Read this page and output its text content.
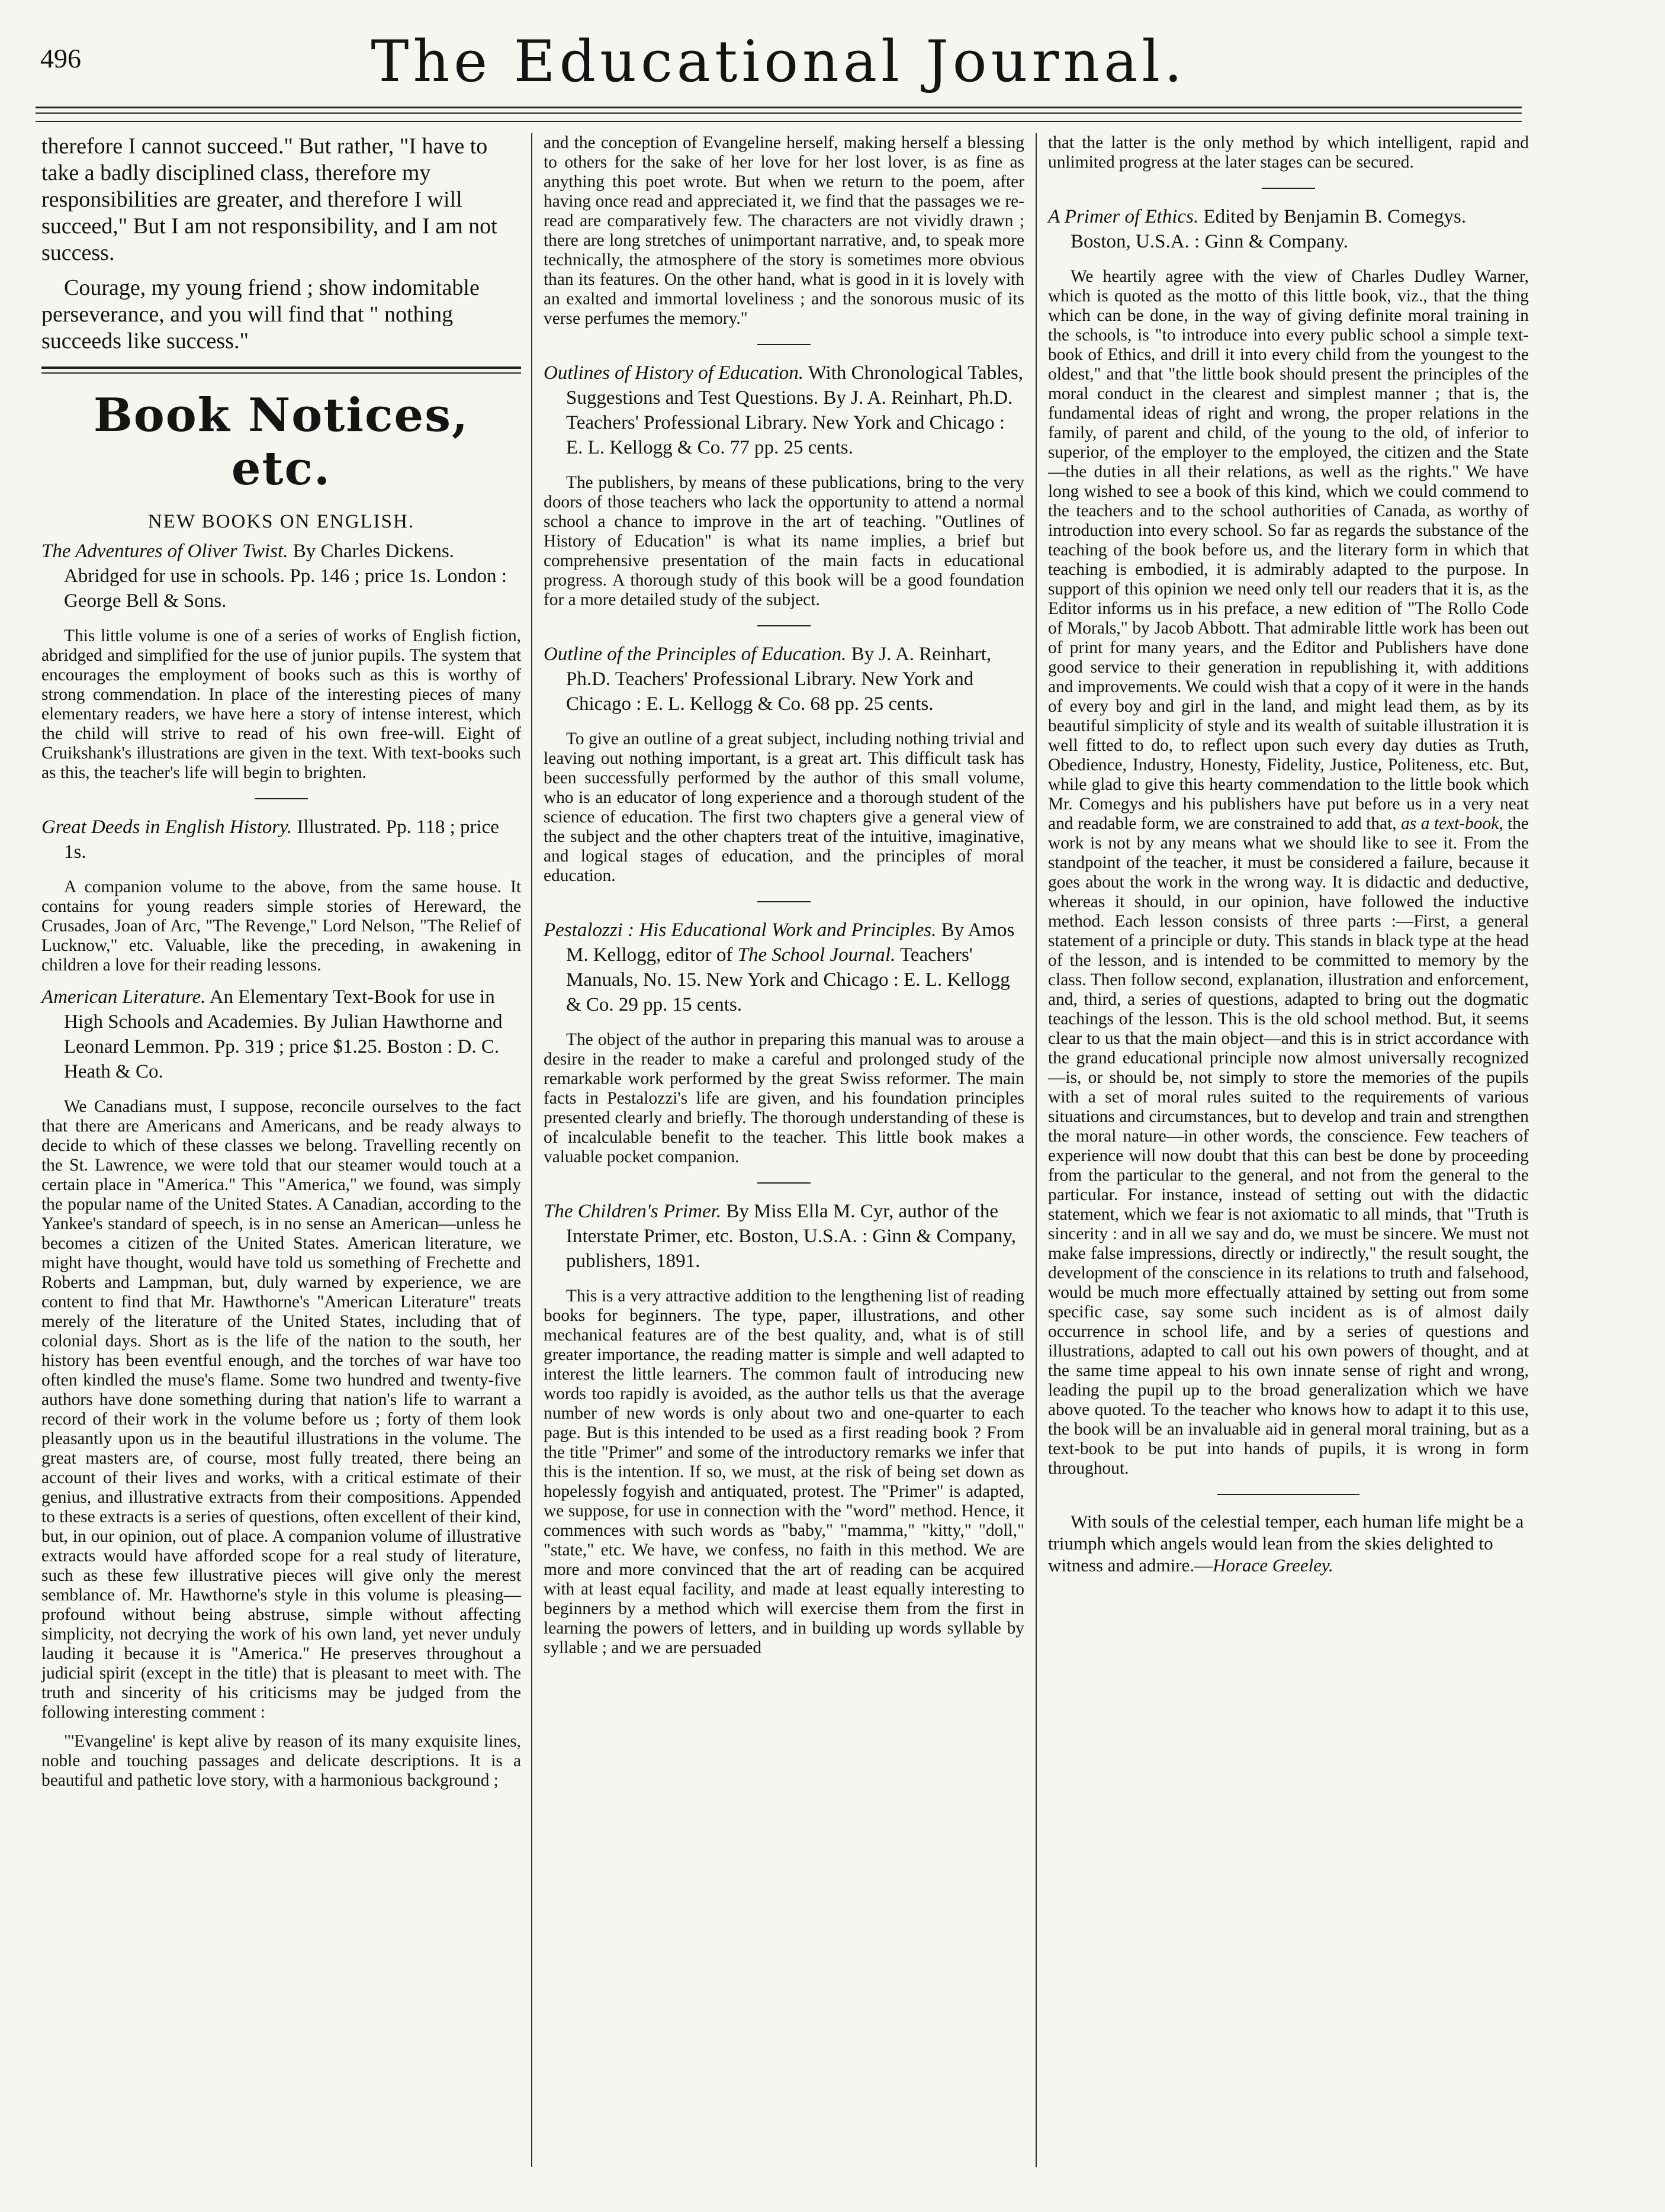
496	The Educational Journal.

therefore I cannot succeed." But rather, "I have to take a badly disciplined class, therefore my responsibilities are greater, and therefore I will succeed," But I am not responsibility, and I am not success.

Courage, my young friend ; show indomitable perseverance, and you will find that " nothing succeeds like success."

Book Notices, etc.
NEW BOOKS ON ENGLISH.
The Adventures of Oliver Twist. By Charles Dickens. Abridged for use in schools. Pp. 146 ; price 1s. London : George Bell & Sons.

This little volume is one of a series of works of English fiction, abridged and simplified for the use of junior pupils. The system that encourages the employment of books such as this is worthy of strong commendation. In place of the interesting pieces of many elementary readers, we have here a story of intense interest, which the child will strive to read of his own free-will. Eight of Cruikshank's illustrations are given in the text. With text-books such as this, the teacher's life will begin to brighten.

Great Deeds in English History. Illustrated. Pp. 118 ; price 1s.

A companion volume to the above, from the same house. It contains for young readers simple stories of Hereward, the Crusades, Joan of Arc, "The Revenge," Lord Nelson, "The Relief of Lucknow," etc. Valuable, like the preceding, in awakening in children a love for their reading lessons.

American Literature. An Elementary Text-Book for use in High Schools and Academies. By Julian Hawthorne and Leonard Lemmon. Pp. 319 ; price $1.25. Boston : D. C. Heath & Co.

We Canadians must, I suppose, reconcile ourselves to the fact that there are Americans and Americans, and be ready always to decide to which of these classes we belong. Travelling recently on the St. Lawrence, we were told that our steamer would touch at a certain place in "America." This "America," we found, was simply the popular name of the United States. A Canadian, according to the Yankee's standard of speech, is in no sense an American—unless he becomes a citizen of the United States. American literature, we might have thought, would have told us something of Frechette and Roberts and Lampman, but, duly warned by experience, we are content to find that Mr. Hawthorne's "American Literature" treats merely of the literature of the United States, including that of colonial days. Short as is the life of the nation to the south, her history has been eventful enough, and the torches of war have too often kindled the muse's flame. Some two hundred and twenty-five authors have done something during that nation's life to warrant a record of their work in the volume before us ; forty of them look pleasantly upon us in the beautiful illustrations in the volume. The great masters are, of course, most fully treated, there being an account of their lives and works, with a critical estimate of their genius, and illustrative extracts from their compositions. Appended to these extracts is a series of questions, often excellent of their kind, but, in our opinion, out of place. A companion volume of illustrative extracts would have afforded scope for a real study of literature, such as these few illustrative pieces will give only the merest semblance of. Mr. Hawthorne's style in this volume is pleasing—profound without being abstruse, simple without affecting simplicity, not decrying the work of his own land, yet never unduly lauding it because it is "America." He preserves throughout a judicial spirit (except in the title) that is pleasant to meet with. The truth and sincerity of his criticisms may be judged from the following interesting comment :

"'Evangeline' is kept alive by reason of its many exquisite lines, noble and touching passages and delicate descriptions. It is a beautiful and pathetic love story, with a harmonious background ;

and the conception of Evangeline herself, making herself a blessing to others for the sake of her love for her lost lover, is as fine as anything this poet wrote. But when we return to the poem, after having once read and appreciated it, we find that the passages we re-read are comparatively few. The characters are not vividly drawn ; there are long stretches of unimportant narrative, and, to speak more technically, the atmosphere of the story is sometimes more obvious than its features. On the other hand, what is good in it is lovely with an exalted and immortal loveliness ; and the sonorous music of its verse perfumes the memory."

Outlines of History of Education. With Chronological Tables, Suggestions and Test Questions. By J. A. Reinhart, Ph.D. Teachers' Professional Library. New York and Chicago : E. L. Kellogg & Co. 77 pp. 25 cents.

The publishers, by means of these publications, bring to the very doors of those teachers who lack the opportunity to attend a normal school a chance to improve in the art of teaching. "Outlines of History of Education" is what its name implies, a brief but comprehensive presentation of the main facts in educational progress. A thorough study of this book will be a good foundation for a more detailed study of the subject.

Outline of the Principles of Education. By J. A. Reinhart, Ph.D. Teachers' Professional Library. New York and Chicago : E. L. Kellogg & Co. 68 pp. 25 cents.

To give an outline of a great subject, including nothing trivial and leaving out nothing important, is a great art. This difficult task has been successfully performed by the author of this small volume, who is an educator of long experience and a thorough student of the science of education. The first two chapters give a general view of the subject and the other chapters treat of the intuitive, imaginative, and logical stages of education, and the principles of moral education.

Pestalozzi : His Educational Work and Principles. By Amos M. Kellogg, editor of The School Journal. Teachers' Manuals, No. 15. New York and Chicago : E. L. Kellogg & Co. 29 pp. 15 cents.

The object of the author in preparing this manual was to arouse a desire in the reader to make a careful and prolonged study of the remarkable work performed by the great Swiss reformer. The main facts in Pestalozzi's life are given, and his foundation principles presented clearly and briefly. The thorough understanding of these is of incalculable benefit to the teacher. This little book makes a valuable pocket companion.

The Children's Primer. By Miss Ella M. Cyr, author of the Interstate Primer, etc. Boston, U.S.A. : Ginn & Company, publishers, 1891.

This is a very attractive addition to the lengthening list of reading books for beginners. The type, paper, illustrations, and other mechanical features are of the best quality, and, what is of still greater importance, the reading matter is simple and well adapted to interest the little learners. The common fault of introducing new words too rapidly is avoided, as the author tells us that the average number of new words is only about two and one-quarter to each page. But is this intended to be used as a first reading book ? From the title "Primer" and some of the introductory remarks we infer that this is the intention. If so, we must, at the risk of being set down as hopelessly fogyish and antiquated, protest. The "Primer" is adapted, we suppose, for use in connection with the "word" method. Hence, it commences with such words as "baby," "mamma," "kitty," "doll," "state," etc. We have, we confess, no faith in this method. We are more and more convinced that the art of reading can be acquired with at least equal facility, and made at least equally interesting to beginners by a method which will exercise them from the first in learning the powers of letters, and in building up words syllable by syllable ; and we are persuaded

that the latter is the only method by which intelligent, rapid and unlimited progress at the later stages can be secured.

A Primer of Ethics. Edited by Benjamin B. Comegys. Boston, U.S.A. : Ginn & Company.

We heartily agree with the view of Charles Dudley Warner, which is quoted as the motto of this little book, viz., that the thing which can be done, in the way of giving definite moral training in the schools, is "to introduce into every public school a simple text-book of Ethics, and drill it into every child from the youngest to the oldest," and that "the little book should present the principles of the moral conduct in the clearest and simplest manner ; that is, the fundamental ideas of right and wrong, the proper relations in the family, of parent and child, of the young to the old, of inferior to superior, of the employer to the employed, the citizen and the State—the duties in all their relations, as well as the rights." We have long wished to see a book of this kind, which we could commend to the teachers and to the school authorities of Canada, as worthy of introduction into every school. So far as regards the substance of the teaching of the book before us, and the literary form in which that teaching is embodied, it is admirably adapted to the purpose. In support of this opinion we need only tell our readers that it is, as the Editor informs us in his preface, a new edition of "The Rollo Code of Morals," by Jacob Abbott. That admirable little work has been out of print for many years, and the Editor and Publishers have done good service to their generation in republishing it, with additions and improvements. We could wish that a copy of it were in the hands of every boy and girl in the land, and might lead them, as by its beautiful simplicity of style and its wealth of suitable illustration it is well fitted to do, to reflect upon such every day duties as Truth, Obedience, Industry, Honesty, Fidelity, Justice, Politeness, etc. But, while glad to give this hearty commendation to the little book which Mr. Comegys and his publishers have put before us in a very neat and readable form, we are constrained to add that, as a text-book, the work is not by any means what we should like to see it. From the standpoint of the teacher, it must be considered a failure, because it goes about the work in the wrong way. It is didactic and deductive, whereas it should, in our opinion, have followed the inductive method. Each lesson consists of three parts :—First, a general statement of a principle or duty. This stands in black type at the head of the lesson, and is intended to be committed to memory by the class. Then follow second, explanation, illustration and enforcement, and, third, a series of questions, adapted to bring out the dogmatic teachings of the lesson. This is the old school method. But, it seems clear to us that the main object—and this is in strict accordance with the grand educational principle now almost universally recognized—is, or should be, not simply to store the memories of the pupils with a set of moral rules suited to the requirements of various situations and circumstances, but to develop and train and strengthen the moral nature—in other words, the conscience. Few teachers of experience will now doubt that this can best be done by proceeding from the particular to the general, and not from the general to the particular. For instance, instead of setting out with the didactic statement, which we fear is not axiomatic to all minds, that "Truth is sincerity : and in all we say and do, we must be sincere. We must not make false impressions, directly or indirectly," the result sought, the development of the conscience in its relations to truth and falsehood, would be much more effectually attained by setting out from some specific case, say some such incident as is of almost daily occurrence in school life, and by a series of questions and illustrations, adapted to call out his own powers of thought, and at the same time appeal to his own innate sense of right and wrong, leading the pupil up to the broad generalization which we have above quoted. To the teacher who knows how to adapt it to this use, the book will be an invaluable aid in general moral training, but as a text-book to be put into hands of pupils, it is wrong in form throughout.

With souls of the celestial temper, each human life might be a triumph which angels would lean from the skies delighted to witness and admire.—Horace Greeley.
